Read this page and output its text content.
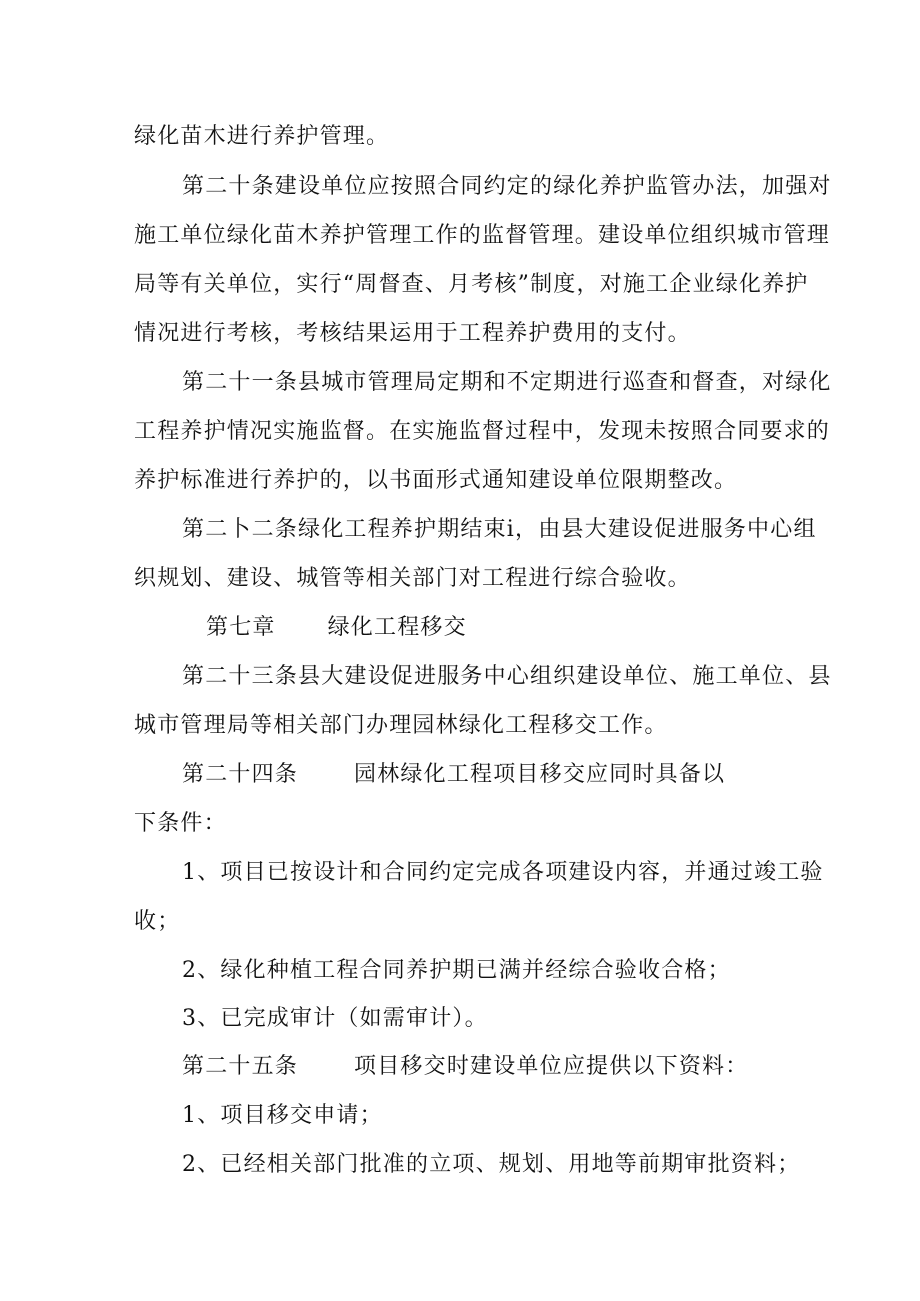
绿化苗木进行养护管理。
第二十条建设单位应按照合同约定的绿化养护监管办法，加强对
施工单位绿化苗木养护管理工作的监督管理。建设单位组织城市管理
局等有关单位，实行“周督查、月考核”制度，对施工企业绿化养护
情况进行考核，考核结果运用于工程养护费用的支付。
第二十一条县城市管理局定期和不定期进行巡查和督查，对绿化
工程养护情况实施监督。在实施监督过程中，发现未按照合同要求的
养护标准进行养护的，以书面形式通知建设单位限期整改。
第二卜二条绿化工程养护期结束i，由县大建设促进服务中心组
织规划、建设、城管等相关部门对工程进行综合验收。
第七章 绿化工程移交
第二十三条县大建设促进服务中心组织建设单位、施工单位、县
城市管理局等相关部门办理园林绿化工程移交工作。
第二十四条	园林绿化工程项目移交应同时具备以
下条件：
1、项目已按设计和合同约定完成各项建设内容，并通过竣工验
收；
2、绿化种植工程合同养护期已满并经综合验收合格；
3、已完成审计（如需审计）。
第二十五条	项目移交时建设单位应提供以下资料：
1、项目移交申请；
2、已经相关部门批准的立项、规划、用地等前期审批资料；
